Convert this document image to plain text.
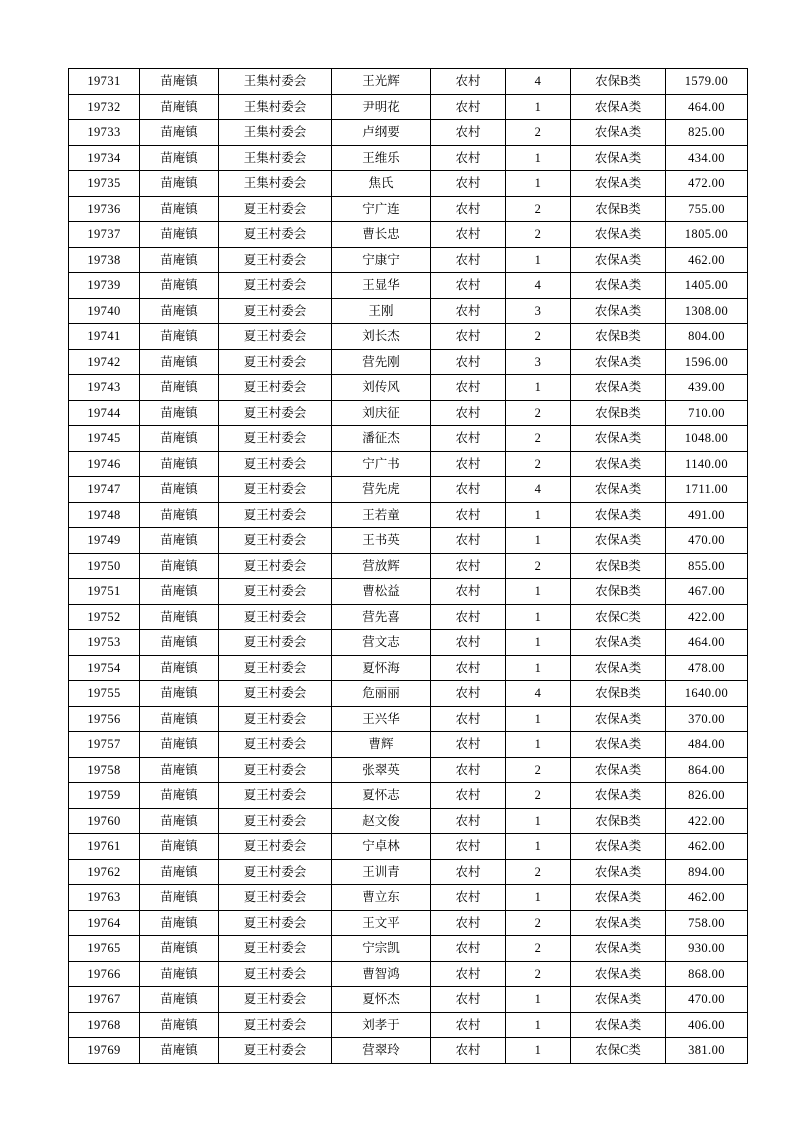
19731	苗庵镇	王集村委会	王光辉	农村	4	农保B类	1579.00
19732	苗庵镇	王集村委会	尹明花	农村	1	农保A类	464.00
19733	苗庵镇	王集村委会	卢纲要	农村	2	农保A类	825.00
19734	苗庵镇	王集村委会	王维乐	农村	1	农保A类	434.00
19735	苗庵镇	王集村委会	焦氏	农村	1	农保A类	472.00
19736	苗庵镇	夏王村委会	宁广连	农村	2	农保B类	755.00
19737	苗庵镇	夏王村委会	曹长忠	农村	2	农保A类	1805.00
19738	苗庵镇	夏王村委会	宁康宁	农村	1	农保A类	462.00
19739	苗庵镇	夏王村委会	王显华	农村	4	农保A类	1405.00
19740	苗庵镇	夏王村委会	王刚	农村	3	农保A类	1308.00
19741	苗庵镇	夏王村委会	刘长杰	农村	2	农保B类	804.00
19742	苗庵镇	夏王村委会	营先刚	农村	3	农保A类	1596.00
19743	苗庵镇	夏王村委会	刘传风	农村	1	农保A类	439.00
19744	苗庵镇	夏王村委会	刘庆征	农村	2	农保B类	710.00
19745	苗庵镇	夏王村委会	潘征杰	农村	2	农保A类	1048.00
19746	苗庵镇	夏王村委会	宁广书	农村	2	农保A类	1140.00
19747	苗庵镇	夏王村委会	营先虎	农村	4	农保A类	1711.00
19748	苗庵镇	夏王村委会	王若童	农村	1	农保A类	491.00
19749	苗庵镇	夏王村委会	王书英	农村	1	农保A类	470.00
19750	苗庵镇	夏王村委会	营放辉	农村	2	农保B类	855.00
19751	苗庵镇	夏王村委会	曹松益	农村	1	农保B类	467.00
19752	苗庵镇	夏王村委会	营先喜	农村	1	农保C类	422.00
19753	苗庵镇	夏王村委会	营文志	农村	1	农保A类	464.00
19754	苗庵镇	夏王村委会	夏怀海	农村	1	农保A类	478.00
19755	苗庵镇	夏王村委会	危丽丽	农村	4	农保B类	1640.00
19756	苗庵镇	夏王村委会	王兴华	农村	1	农保A类	370.00
19757	苗庵镇	夏王村委会	曹辉	农村	1	农保A类	484.00
19758	苗庵镇	夏王村委会	张翠英	农村	2	农保A类	864.00
19759	苗庵镇	夏王村委会	夏怀志	农村	2	农保A类	826.00
19760	苗庵镇	夏王村委会	赵文俊	农村	1	农保B类	422.00
19761	苗庵镇	夏王村委会	宁卓林	农村	1	农保A类	462.00
19762	苗庵镇	夏王村委会	王训青	农村	2	农保A类	894.00
19763	苗庵镇	夏王村委会	曹立东	农村	1	农保A类	462.00
19764	苗庵镇	夏王村委会	王文平	农村	2	农保A类	758.00
19765	苗庵镇	夏王村委会	宁宗凯	农村	2	农保A类	930.00
19766	苗庵镇	夏王村委会	曹智鸿	农村	2	农保A类	868.00
19767	苗庵镇	夏王村委会	夏怀杰	农村	1	农保A类	470.00
19768	苗庵镇	夏王村委会	刘孝于	农村	1	农保A类	406.00
19769	苗庵镇	夏王村委会	营翠玲	农村	1	农保C类	381.00
